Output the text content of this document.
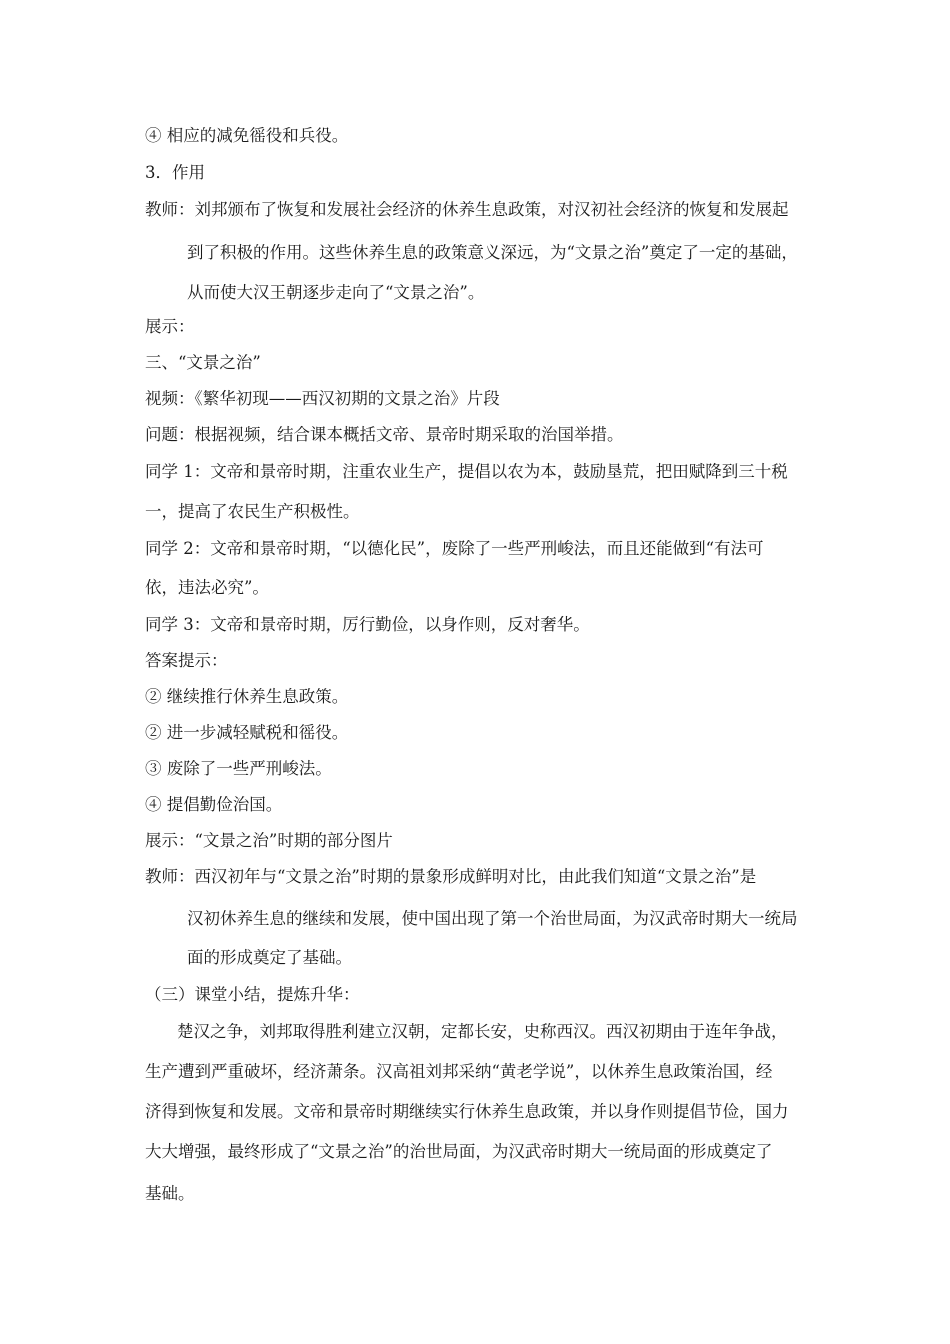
④ 相应的减免徭役和兵役。
3．作用
教师：刘邦颁布了恢复和发展社会经济的休养生息政策，对汉初社会经济的恢复和发展起
到了积极的作用。这些休养生息的政策意义深远，为“文景之治”奠定了一定的基础，
从而使大汉王朝逐步走向了“文景之治”。
展示：
三、“文景之治”
视频：《繁华初现——西汉初期的文景之治》片段
问题：根据视频，结合课本概括文帝、景帝时期采取的治国举措。
同学 1：文帝和景帝时期，注重农业生产，提倡以农为本，鼓励垦荒，把田赋降到三十税
一，提高了农民生产积极性。
同学 2：文帝和景帝时期，“以德化民”，废除了一些严刑峻法，而且还能做到“有法可
依，违法必究”。
同学 3：文帝和景帝时期，厉行勤俭，以身作则，反对奢华。
答案提示：
② 继续推行休养生息政策。
② 进一步减轻赋税和徭役。
③ 废除了一些严刑峻法。
④ 提倡勤俭治国。
展示：“文景之治”时期的部分图片
教师：西汉初年与“文景之治”时期的景象形成鲜明对比，由此我们知道“文景之治”是
汉初休养生息的继续和发展，使中国出现了第一个治世局面，为汉武帝时期大一统局
面的形成奠定了基础。
（三）课堂小结，提炼升华：
楚汉之争，刘邦取得胜利建立汉朝，定都长安，史称西汉。西汉初期由于连年争战，
生产遭到严重破坏，经济萧条。汉高祖刘邦采纳“黄老学说”，以休养生息政策治国，经
济得到恢复和发展。文帝和景帝时期继续实行休养生息政策，并以身作则提倡节俭，国力
大大增强，最终形成了“文景之治”的治世局面，为汉武帝时期大一统局面的形成奠定了
基础。
